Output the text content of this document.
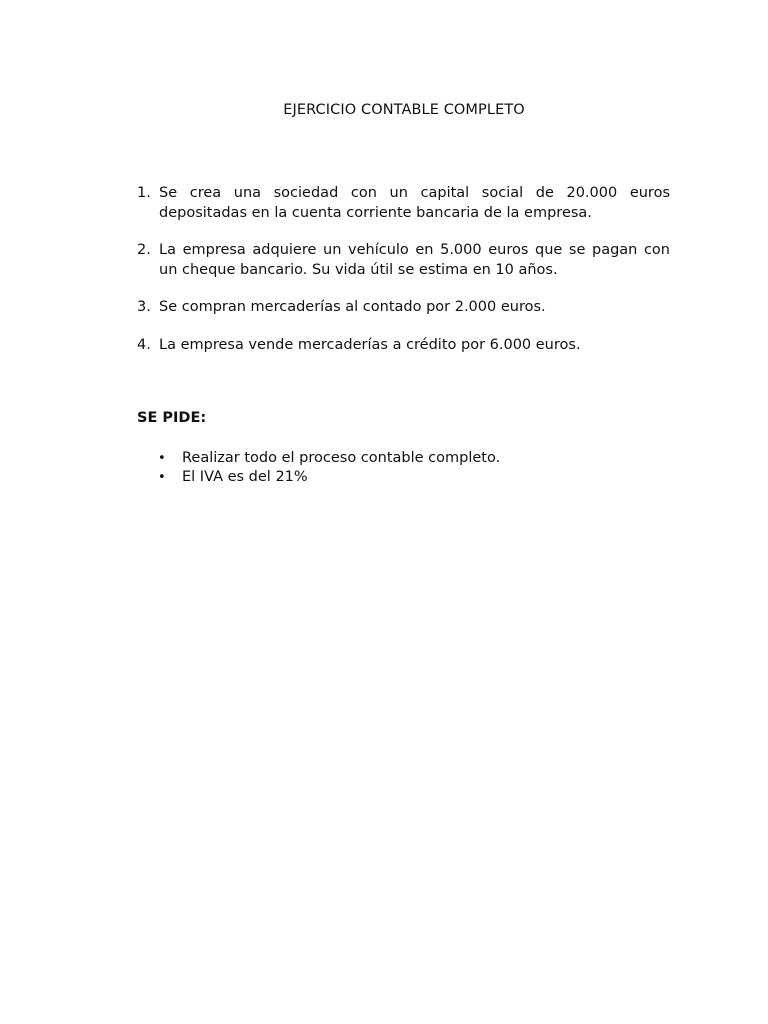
EJERCICIO CONTABLE COMPLETO
1. Se crea una sociedad con un capital social de 20.000 euros depositadas en la cuenta corriente bancaria de la empresa.
2. La empresa adquiere un vehículo en 5.000 euros que se pagan con un cheque bancario. Su vida útil se estima en 10 años.
3. Se compran mercaderías al contado por 2.000 euros.
4. La empresa vende mercaderías a crédito por 6.000 euros.
SE PIDE:
•	Realizar todo el proceso contable completo.
•	El IVA es del 21%
